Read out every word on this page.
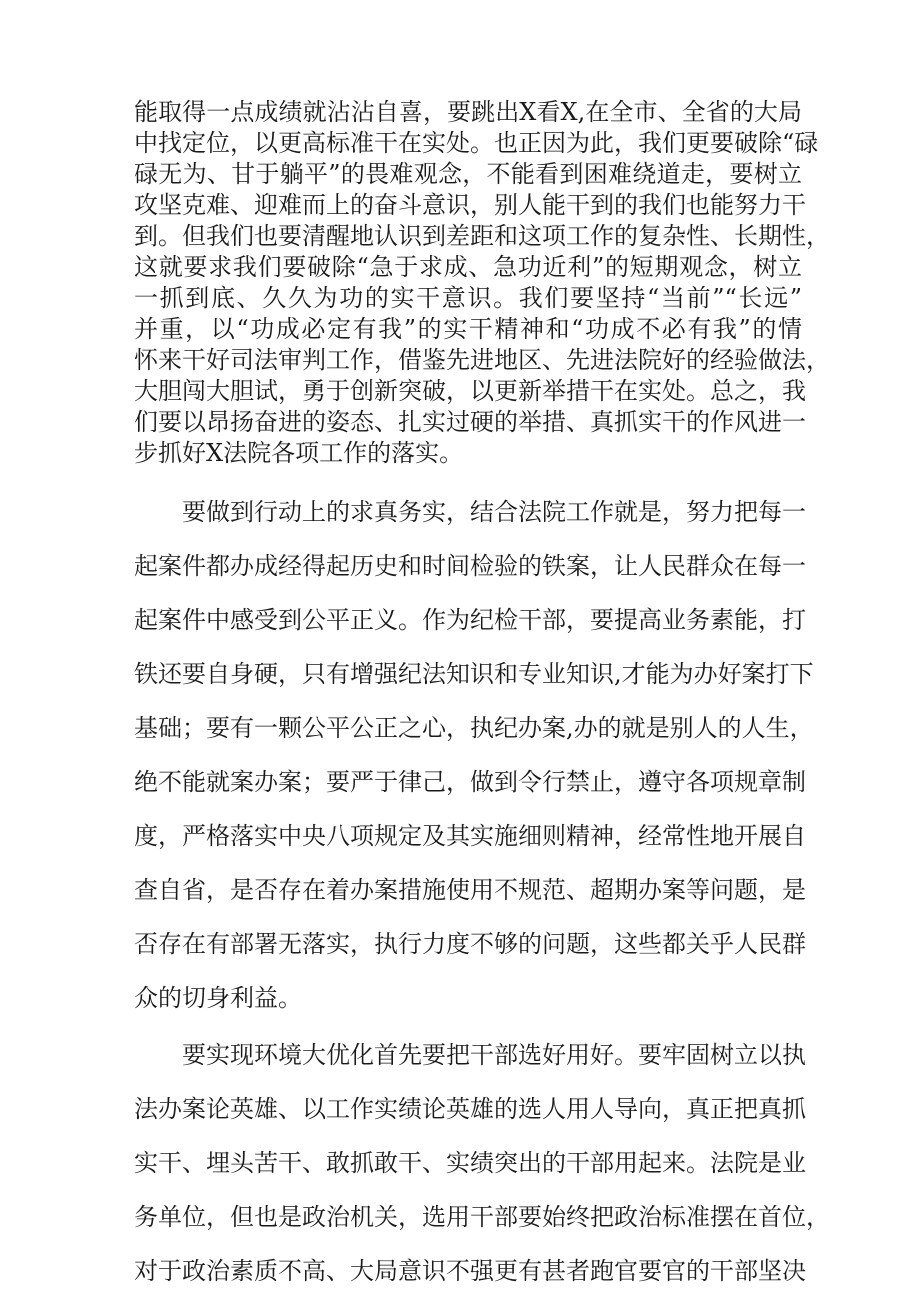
能取得一点成绩就沾沾自喜，要跳出X看X,在全市、全省的大局
中找定位，以更高标准干在实处。也正因为此，我们更要破除“碌
碌无为、甘于躺平”的畏难观念，不能看到困难绕道走，要树立
攻坚克难、迎难而上的奋斗意识，别人能干到的我们也能努力干
到。但我们也要清醒地认识到差距和这项工作的复杂性、长期性，
这就要求我们要破除“急于求成、急功近利”的短期观念，树立
一抓到底、久久为功的实干意识。我们要坚持“当前”“长远”
并重，以“功成必定有我”的实干精神和“功成不必有我”的情
怀来干好司法审判工作，借鉴先进地区、先进法院好的经验做法，
大胆闯大胆试，勇于创新突破，以更新举措干在实处。总之，我
们要以昂扬奋进的姿态、扎实过硬的举措、真抓实干的作风进一
步抓好X法院各项工作的落实。
要做到行动上的求真务实，结合法院工作就是，努力把每一
起案件都办成经得起历史和时间检验的铁案，让人民群众在每一
起案件中感受到公平正义。作为纪检干部，要提高业务素能，打
铁还要自身硬，只有增强纪法知识和专业知识,才能为办好案打下
基础；要有一颗公平公正之心，执纪办案,办的就是别人的人生，
绝不能就案办案；要严于律己，做到令行禁止，遵守各项规章制
度，严格落实中央八项规定及其实施细则精神，经常性地开展自
查自省，是否存在着办案措施使用不规范、超期办案等问题，是
否存在有部署无落实，执行力度不够的问题，这些都关乎人民群
众的切身利益。
要实现环境大优化首先要把干部选好用好。要牢固树立以执
法办案论英雄、以工作实绩论英雄的选人用人导向，真正把真抓
实干、埋头苦干、敢抓敢干、实绩突出的干部用起来。法院是业
务单位，但也是政治机关，选用干部要始终把政治标准摆在首位，
对于政治素质不高、大局意识不强更有甚者跑官要官的干部坚决
